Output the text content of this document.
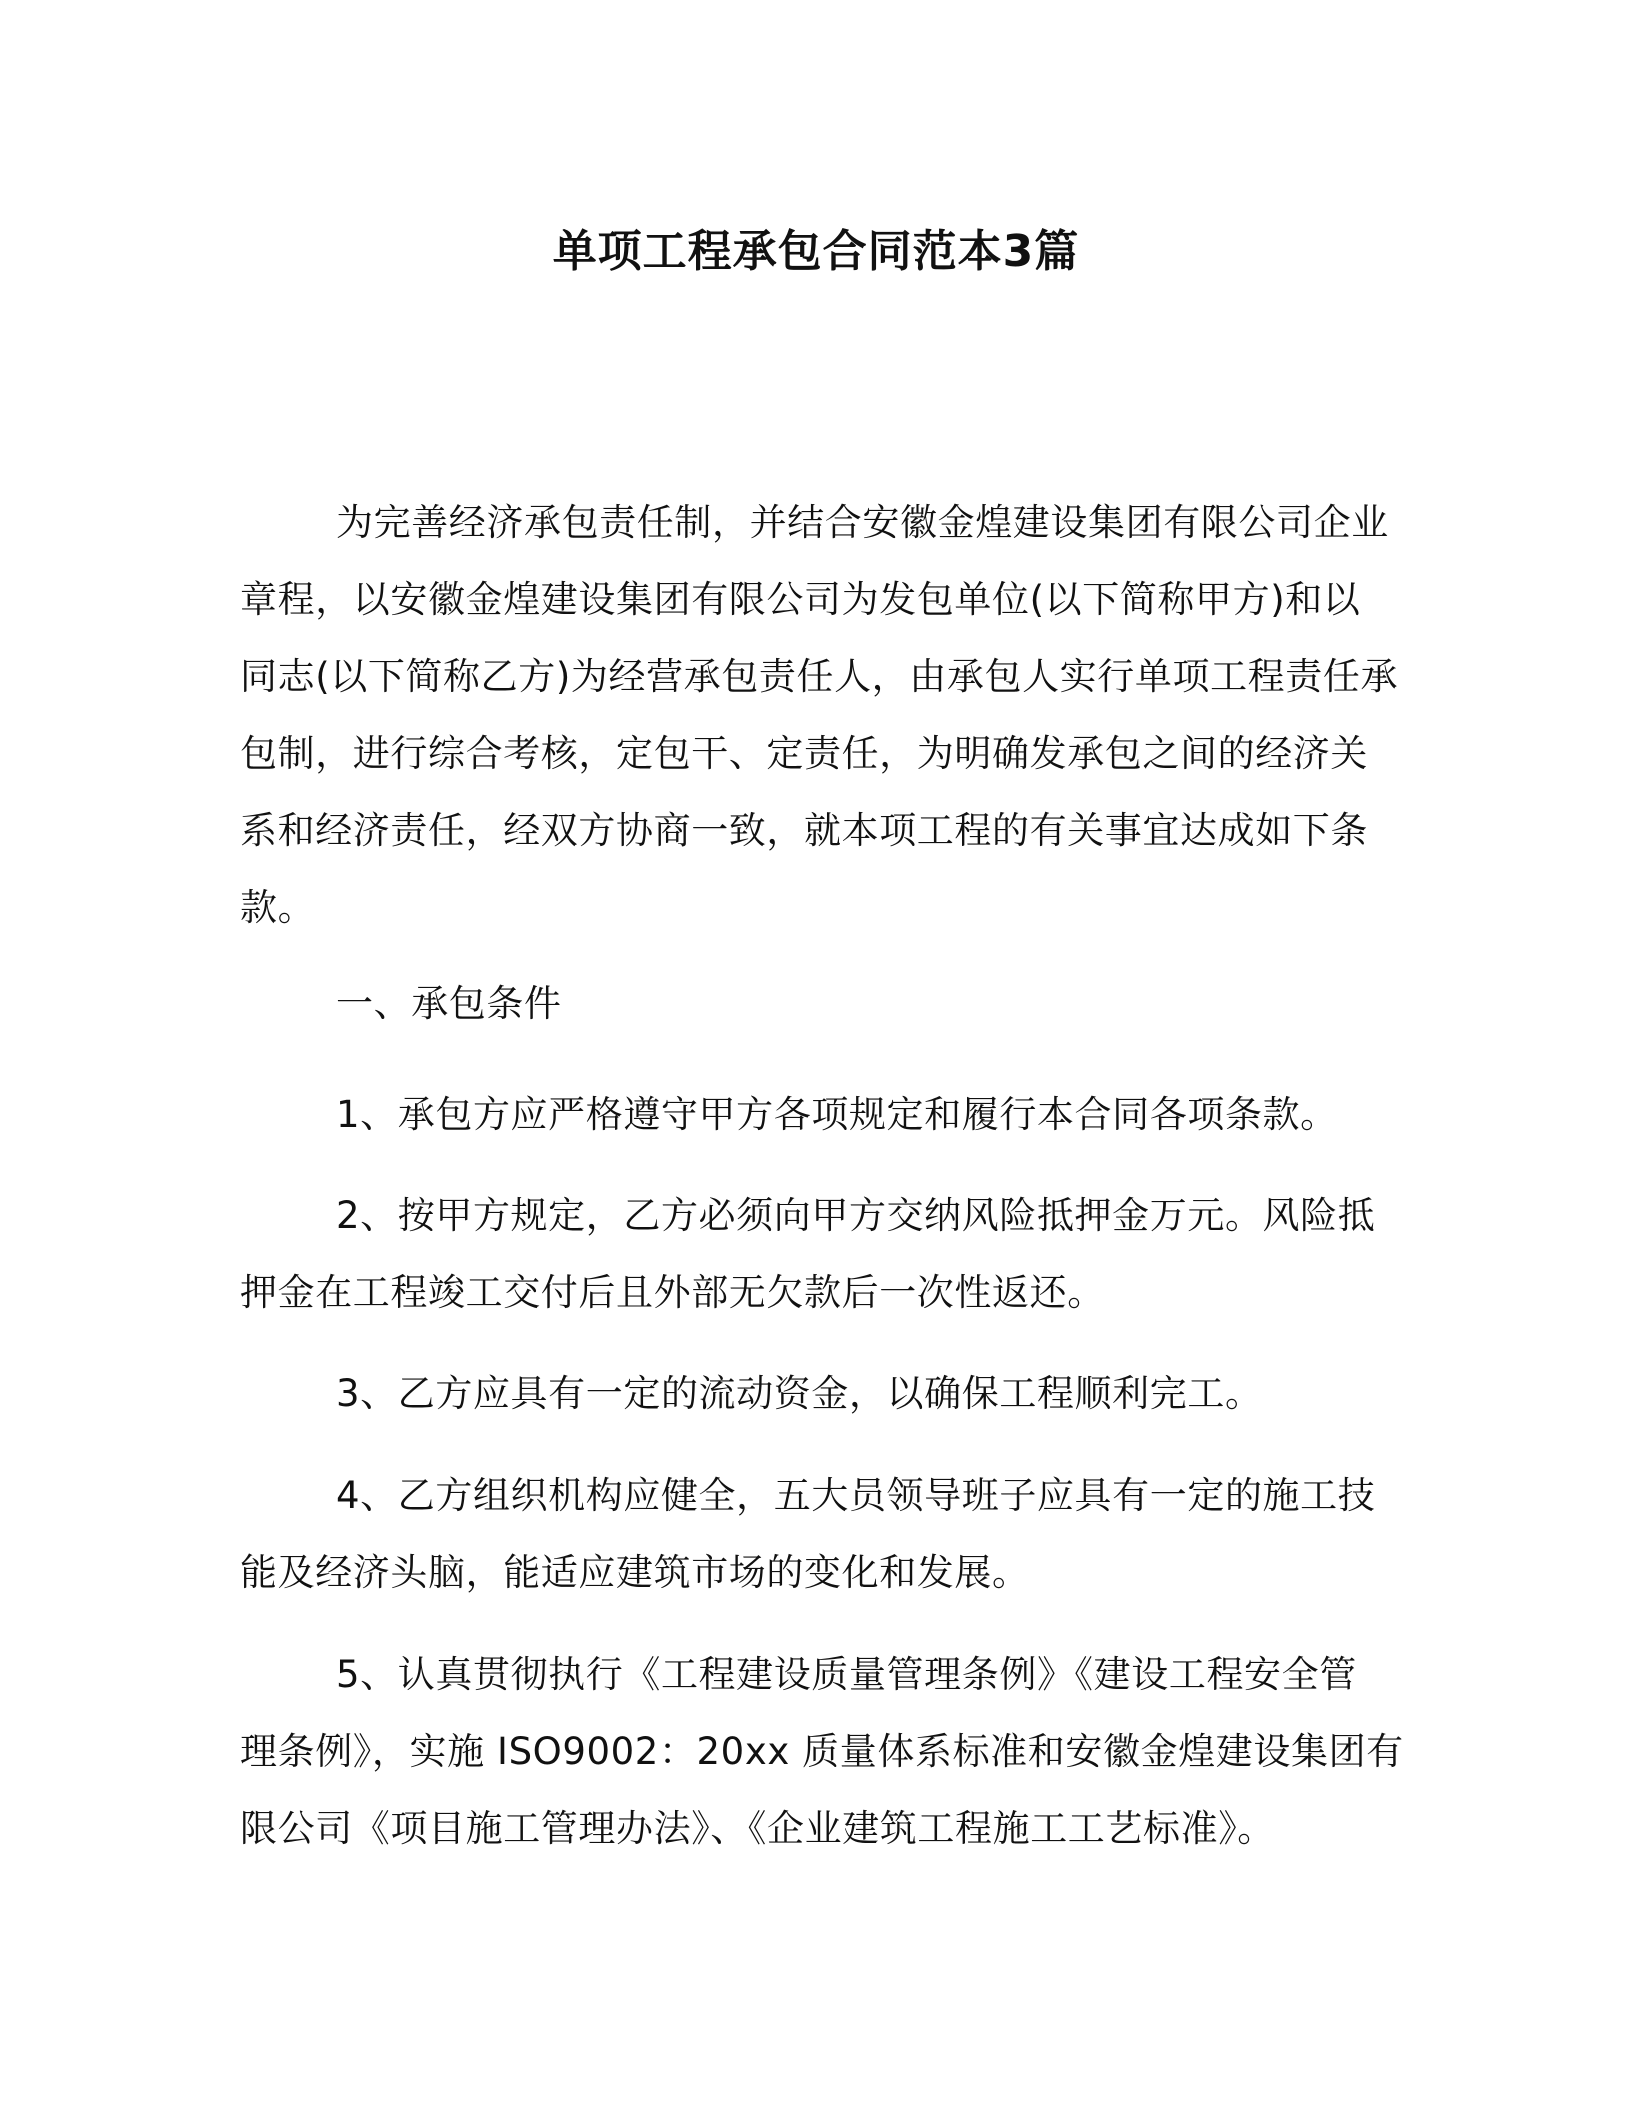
单项工程承包合同范本3篇
为完善经济承包责任制，并结合安徽金煌建设集团有限公司企业
章程，以安徽金煌建设集团有限公司为发包单位(以下简称甲方)和以
同志(以下简称乙方)为经营承包责任人，由承包人实行单项工程责任承
包制，进行综合考核，定包干、定责任，为明确发承包之间的经济关
系和经济责任，经双方协商一致，就本项工程的有关事宜达成如下条
款。
一、承包条件
1、承包方应严格遵守甲方各项规定和履行本合同各项条款。
2、按甲方规定，乙方必须向甲方交纳风险抵押金万元。风险抵
押金在工程竣工交付后且外部无欠款后一次性返还。
3、乙方应具有一定的流动资金，以确保工程顺利完工。
4、乙方组织机构应健全，五大员领导班子应具有一定的施工技
能及经济头脑，能适应建筑市场的变化和发展。
5、认真贯彻执行《工程建设质量管理条例》《建设工程安全管
理条例》，实施 ISO9002：20xx 质量体系标准和安徽金煌建设集团有
限公司《项目施工管理办法》、《企业建筑工程施工工艺标准》。
